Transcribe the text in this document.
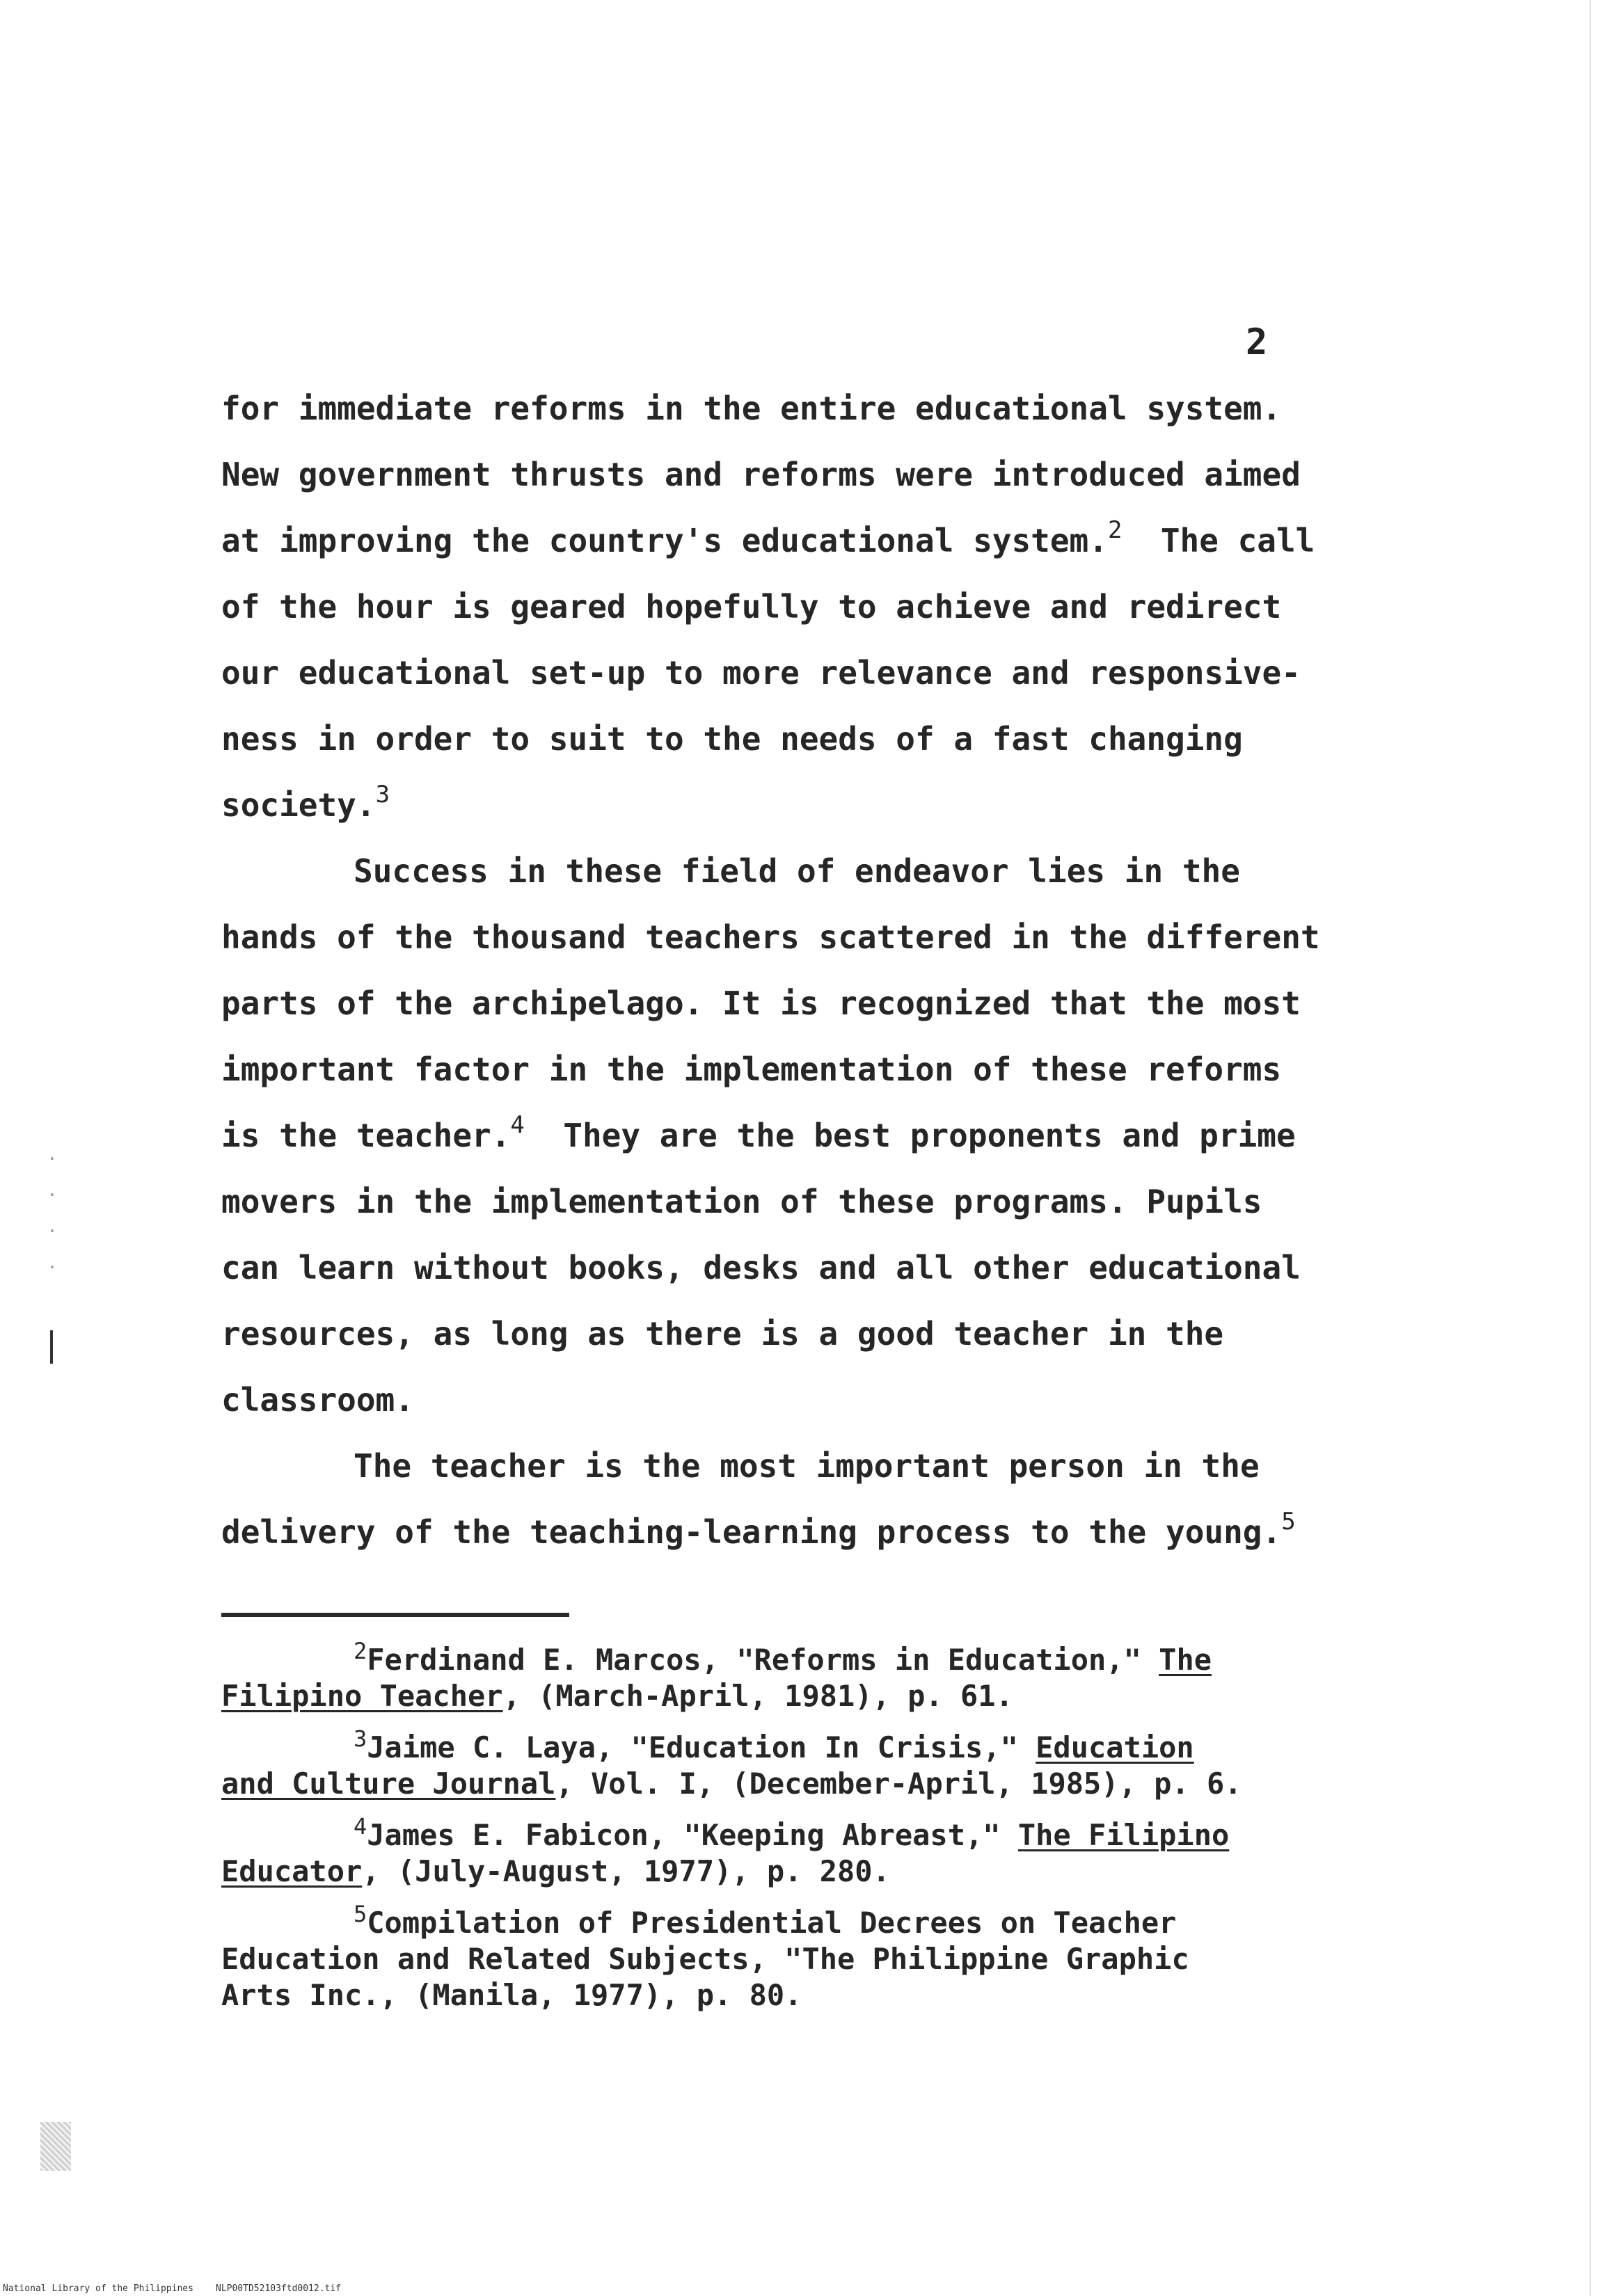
2
for immediate reforms in the entire educational system.
New government thrusts and reforms were introduced aimed
at improving the country's educational system.$^2$  The call
of the hour is geared hopefully to achieve and redirect
our educational set-up to more relevance and responsive-
ness in order to suit to the needs of a fast changing
society.$^3$
Success in these field of endeavor lies in the
hands of the thousand teachers scattered in the different
parts of the archipelago. It is recognized that the most
important factor in the implementation of these reforms
is the teacher.$^4$  They are the best proponents and prime
movers in the implementation of these programs. Pupils
can learn without books, desks and all other educational
resources, as long as there is a good teacher in the
classroom.
The teacher is the most important person in the
delivery of the teaching-learning process to the young.$^5$
$^2$Ferdinand E. Marcos, "Reforms in Education," The
Filipino Teacher, (March-April, 1981), p. 61.
$^3$Jaime C. Laya, "Education In Crisis," Education
and Culture Journal, Vol. I, (December-April, 1985), p. 6.
$^4$James E. Fabicon, "Keeping Abreast," The Filipino
Educator, (July-August, 1977), p. 280.
$^5$Compilation of Presidential Decrees on Teacher
Education and Related Subjects, "The Philippine Graphic
Arts Inc., (Manila, 1977), p. 80.
·
·
·
·
National Library of the Philippines NLP00TD52103ftd0012.tif
